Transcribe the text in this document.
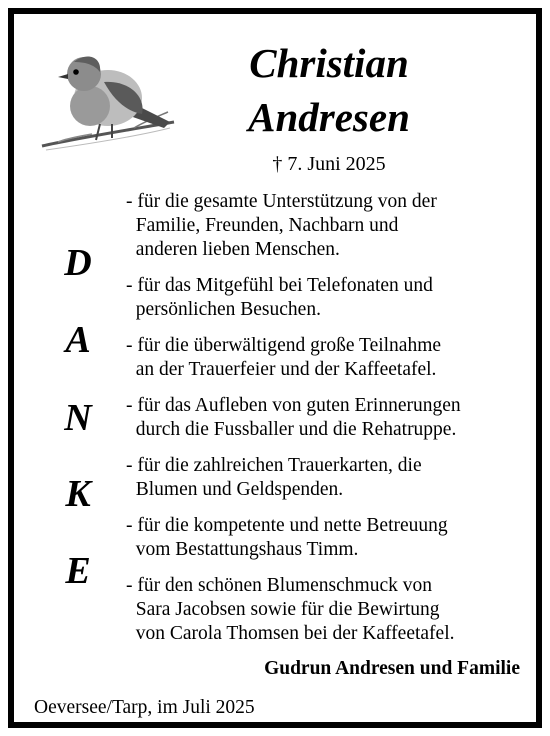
Christian
Andresen
† 7. Juni 2025
D
A
N
K
E
- für die gesamte Unterstützung von der
Familie, Freunden, Nachbarn und
anderen lieben Menschen.
- für das Mitgefühl bei Telefonaten und
persönlichen Besuchen.
- für die überwältigend große Teilnahme
an der Trauerfeier und der Kaffeetafel.
- für das Aufleben von guten Erinnerungen
durch die Fussballer und die Rehatruppe.
- für die zahlreichen Trauerkarten, die
Blumen und Geldspenden.
- für die kompetente und nette Betreuung
vom Bestattungshaus Timm.
- für den schönen Blumenschmuck von
Sara Jacobsen sowie für die Bewirtung
von Carola Thomsen bei der Kaffeetafel.
Gudrun Andresen und Familie
Oeversee/Tarp, im Juli 2025
